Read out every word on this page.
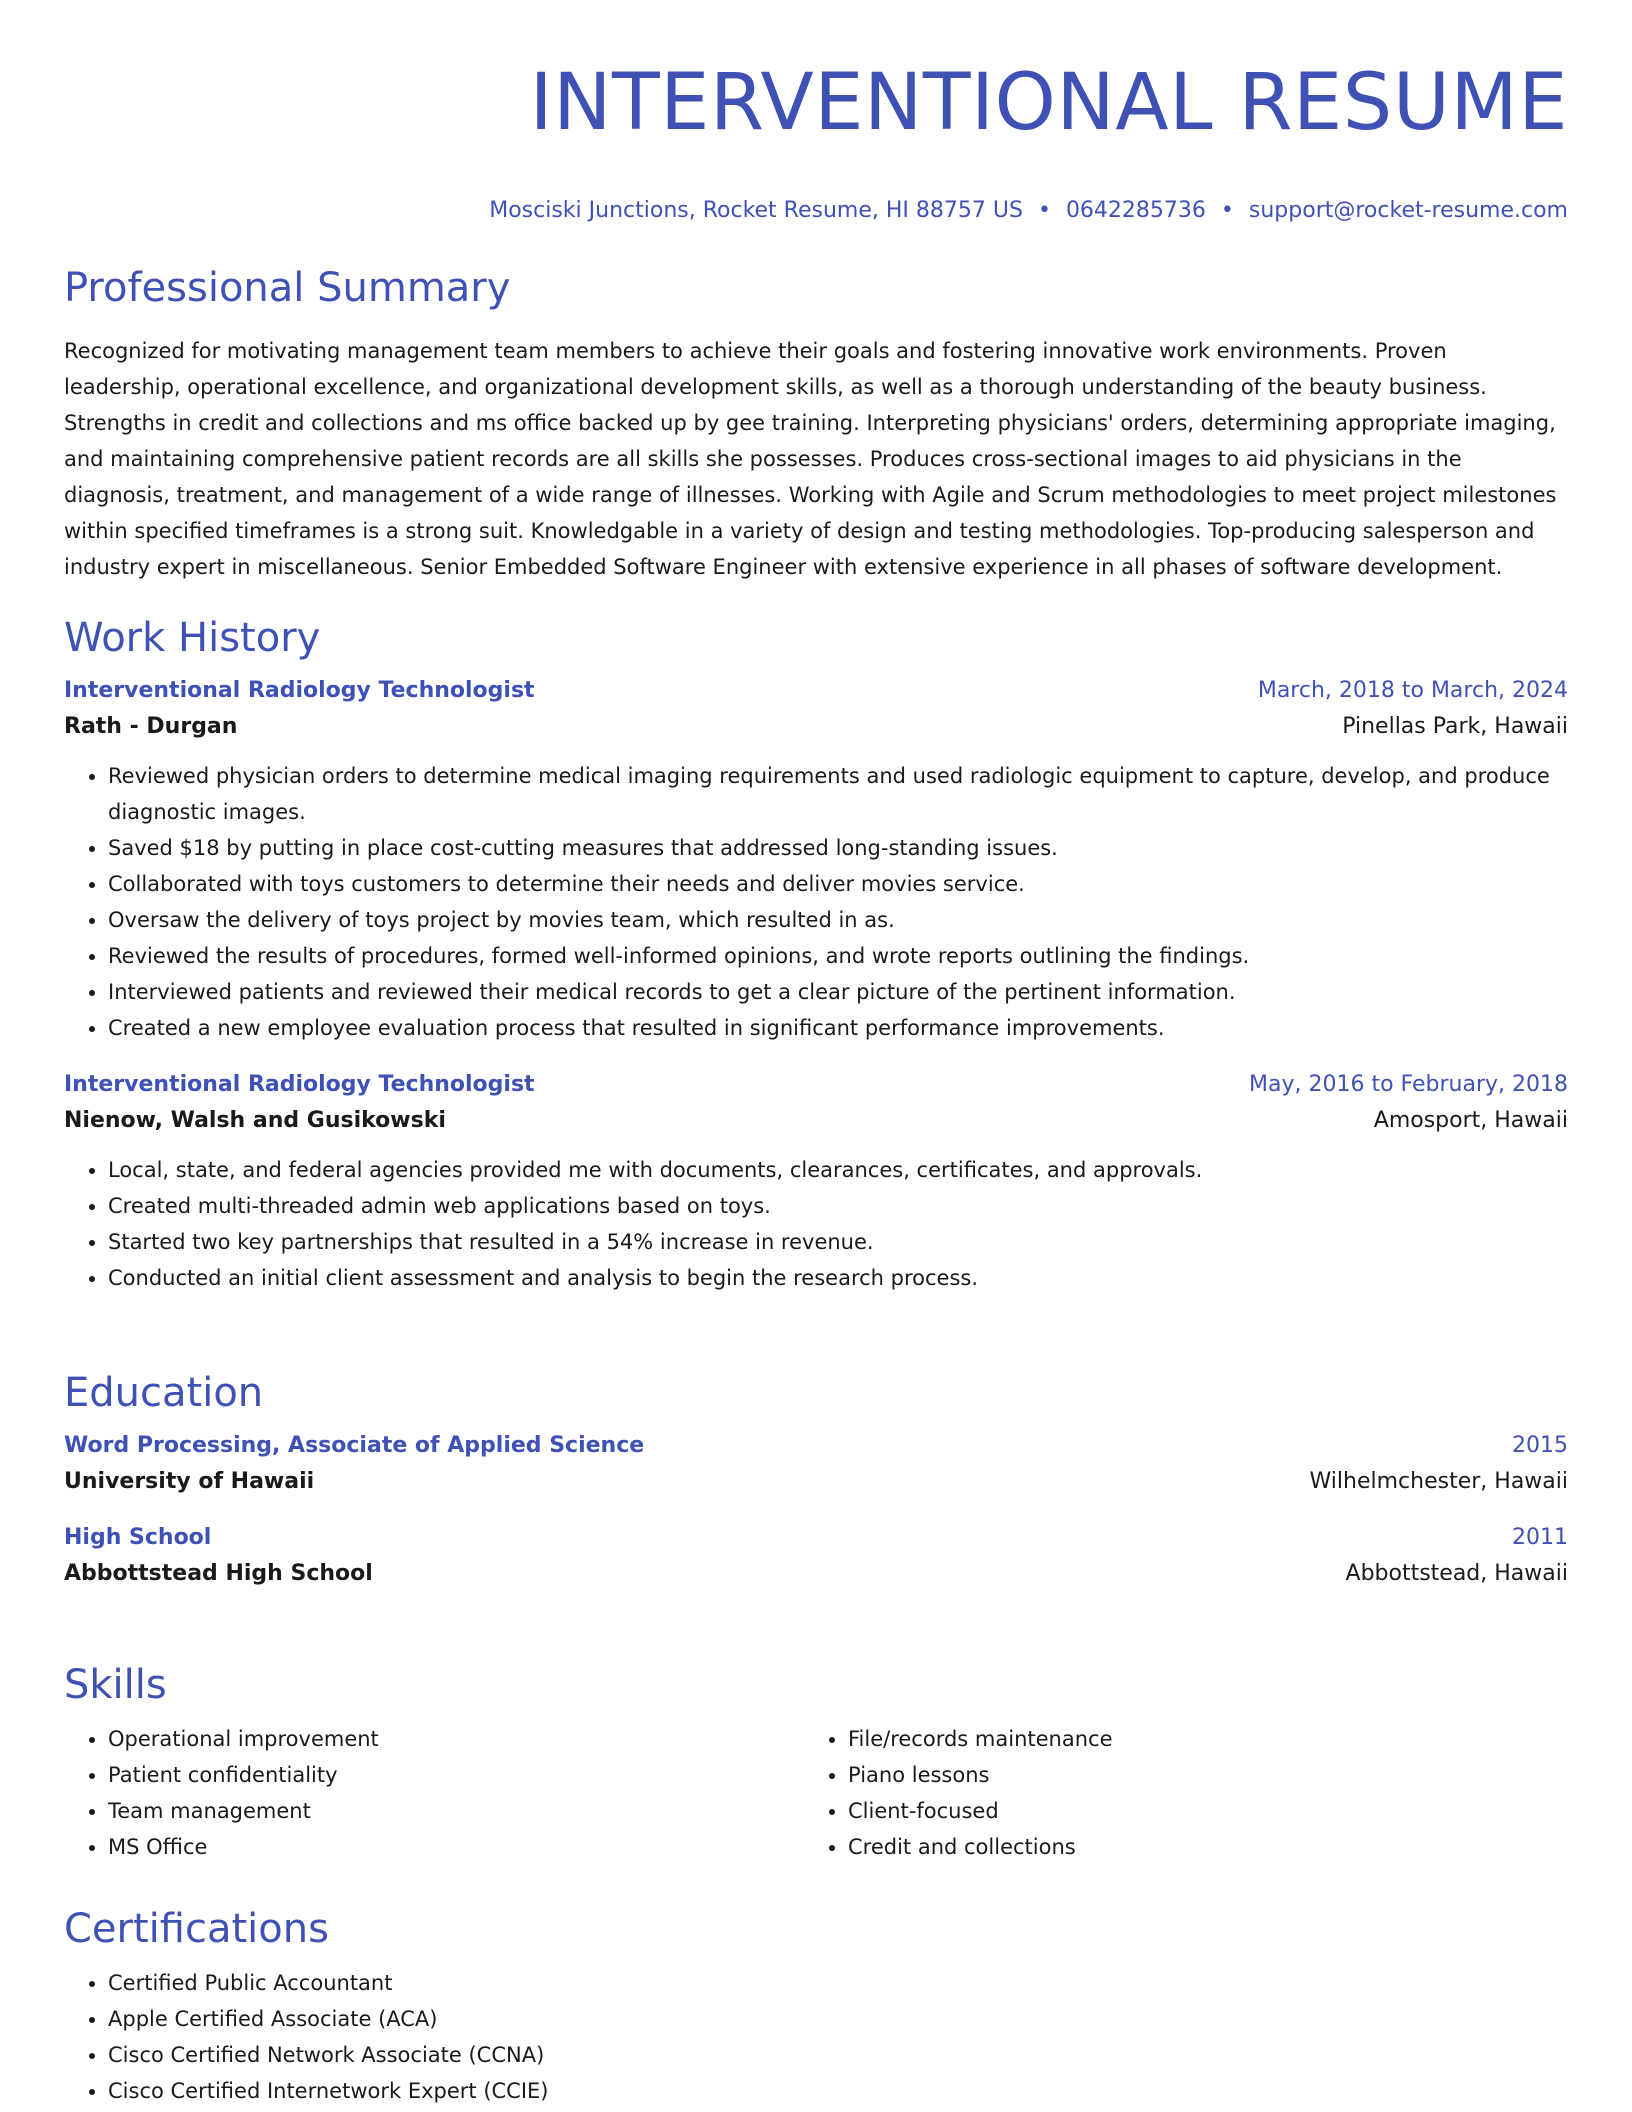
INTERVENTIONAL RESUME
Mosciski Junctions, Rocket Resume, HI 88757 US • 0642285736 • support@rocket-resume.com
Professional Summary

Recognized for motivating management team members to achieve their goals and fostering innovative work environments. Proven leadership, operational excellence, and organizational development skills, as well as a thorough understanding of the beauty business. Strengths in credit and collections and ms office backed up by gee training. Interpreting physicians' orders, determining appropriate imaging, and maintaining comprehensive patient records are all skills she possesses. Produces cross-sectional images to aid physicians in the diagnosis, treatment, and management of a wide range of illnesses. Working with Agile and Scrum methodologies to meet project milestones within specified timeframes is a strong suit. Knowledgable in a variety of design and testing methodologies. Top-producing salesperson and industry expert in miscellaneous. Senior Embedded Software Engineer with extensive experience in all phases of software development.

Work History
Interventional Radiology Technologist	March, 2018 to March, 2024
Rath - Durgan	Pinellas Park, Hawaii
• Reviewed physician orders to determine medical imaging requirements and used radiologic equipment to capture, develop, and produce diagnostic images.
• Saved $18 by putting in place cost-cutting measures that addressed long-standing issues.
• Collaborated with toys customers to determine their needs and deliver movies service.
• Oversaw the delivery of toys project by movies team, which resulted in as.
• Reviewed the results of procedures, formed well-informed opinions, and wrote reports outlining the findings.
• Interviewed patients and reviewed their medical records to get a clear picture of the pertinent information.
• Created a new employee evaluation process that resulted in significant performance improvements.
Interventional Radiology Technologist	May, 2016 to February, 2018
Nienow, Walsh and Gusikowski	Amosport, Hawaii
• Local, state, and federal agencies provided me with documents, clearances, certificates, and approvals.
• Created multi-threaded admin web applications based on toys.
• Started two key partnerships that resulted in a 54% increase in revenue.
• Conducted an initial client assessment and analysis to begin the research process.
Education
Word Processing, Associate of Applied Science	2015
University of Hawaii	Wilhelmchester, Hawaii
High School	2011
Abbottstead High School	Abbottstead, Hawaii
Skills
• Operational improvement
• Patient confidentiality
• Team management
• MS Office
• File/records maintenance
• Piano lessons
• Client-focused
• Credit and collections
Certifications
• Certified Public Accountant
• Apple Certified Associate (ACA)
• Cisco Certified Network Associate (CCNA)
• Cisco Certified Internetwork Expert (CCIE)
